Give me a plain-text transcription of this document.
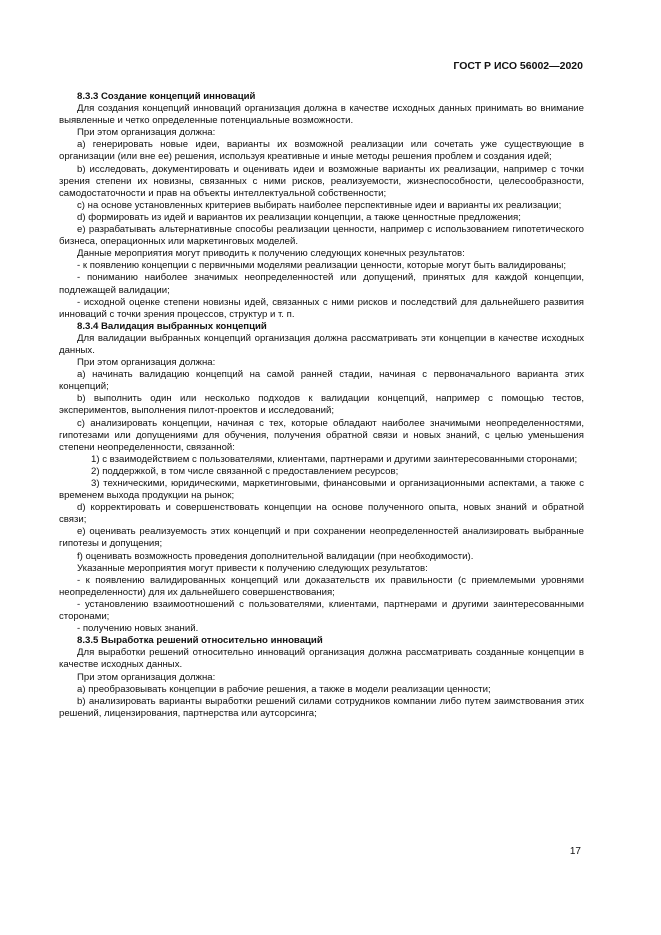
ГОСТ Р ИСО 56002—2020

8.3.3 Создание концепций инноваций

Для создания концепций инноваций организация должна в качестве исходных данных принимать во внимание выявленные и четко определенные потенциальные возможности.

При этом организация должна:

a) генерировать новые идеи, варианты их возможной реализации или сочетать уже существующие в организации (или вне ее) решения, используя креативные и иные методы решения проблем и создания идей;

b) исследовать, документировать и оценивать идеи и возможные варианты их реализации, например с точки зрения степени их новизны, связанных с ними рисков, реализуемости, жизнеспособности, целесообразности, самодостаточности и прав на объекты интеллектуальной собственности;

c) на основе установленных критериев выбирать наиболее перспективные идеи и варианты их реализации;

d) формировать из идей и вариантов их реализации концепции, а также ценностные предложения;

e) разрабатывать альтернативные способы реализации ценности, например с использованием гипотетического бизнеса, операционных или маркетинговых моделей.

Данные мероприятия могут приводить к получению следующих конечных результатов:

- к появлению концепции с первичными моделями реализации ценности, которые могут быть валидированы;

- пониманию наиболее значимых неопределенностей или допущений, принятых для каждой концепции, подлежащей валидации;

- исходной оценке степени новизны идей, связанных с ними рисков и последствий для дальнейшего развития инноваций с точки зрения процессов, структур и т. п.

8.3.4 Валидация выбранных концепций

Для валидации выбранных концепций организация должна рассматривать эти концепции в качестве исходных данных.

При этом организация должна:

a) начинать валидацию концепций на самой ранней стадии, начиная с первоначального варианта этих концепций;

b) выполнить один или несколько подходов к валидации концепций, например с помощью тестов, экспериментов, выполнения пилот-проектов и исследований;

c) анализировать концепции, начиная с тех, которые обладают наиболее значимыми неопределенностями, гипотезами или допущениями для обучения, получения обратной связи и новых знаний, с целью уменьшения степени неопределенности, связанной:

1) с взаимодействием с пользователями, клиентами, партнерами и другими заинтересованными сторонами;

2) поддержкой, в том числе связанной с предоставлением ресурсов;

3) техническими, юридическими, маркетинговыми, финансовыми и организационными аспектами, а также с временем выхода продукции на рынок;

d) корректировать и совершенствовать концепции на основе полученного опыта, новых знаний и обратной связи;

e) оценивать реализуемость этих концепций и при сохранении неопределенностей анализировать выбранные гипотезы и допущения;

f) оценивать возможность проведения дополнительной валидации (при необходимости).

Указанные мероприятия могут привести к получению следующих результатов:

- к появлению валидированных концепций или доказательств их правильности (с приемлемыми уровнями неопределенности) для их дальнейшего совершенствования;

- установлению взаимоотношений с пользователями, клиентами, партнерами и другими заинтересованными сторонами;

- получению новых знаний.

8.3.5 Выработка решений относительно инноваций

Для выработки решений относительно инноваций организация должна рассматривать созданные концепции в качестве исходных данных.

При этом организация должна:

a) преобразовывать концепции в рабочие решения, а также в модели реализации ценности;

b) анализировать варианты выработки решений силами сотрудников компании либо путем заимствования этих решений, лицензирования, партнерства или аутсорсинга;

17
